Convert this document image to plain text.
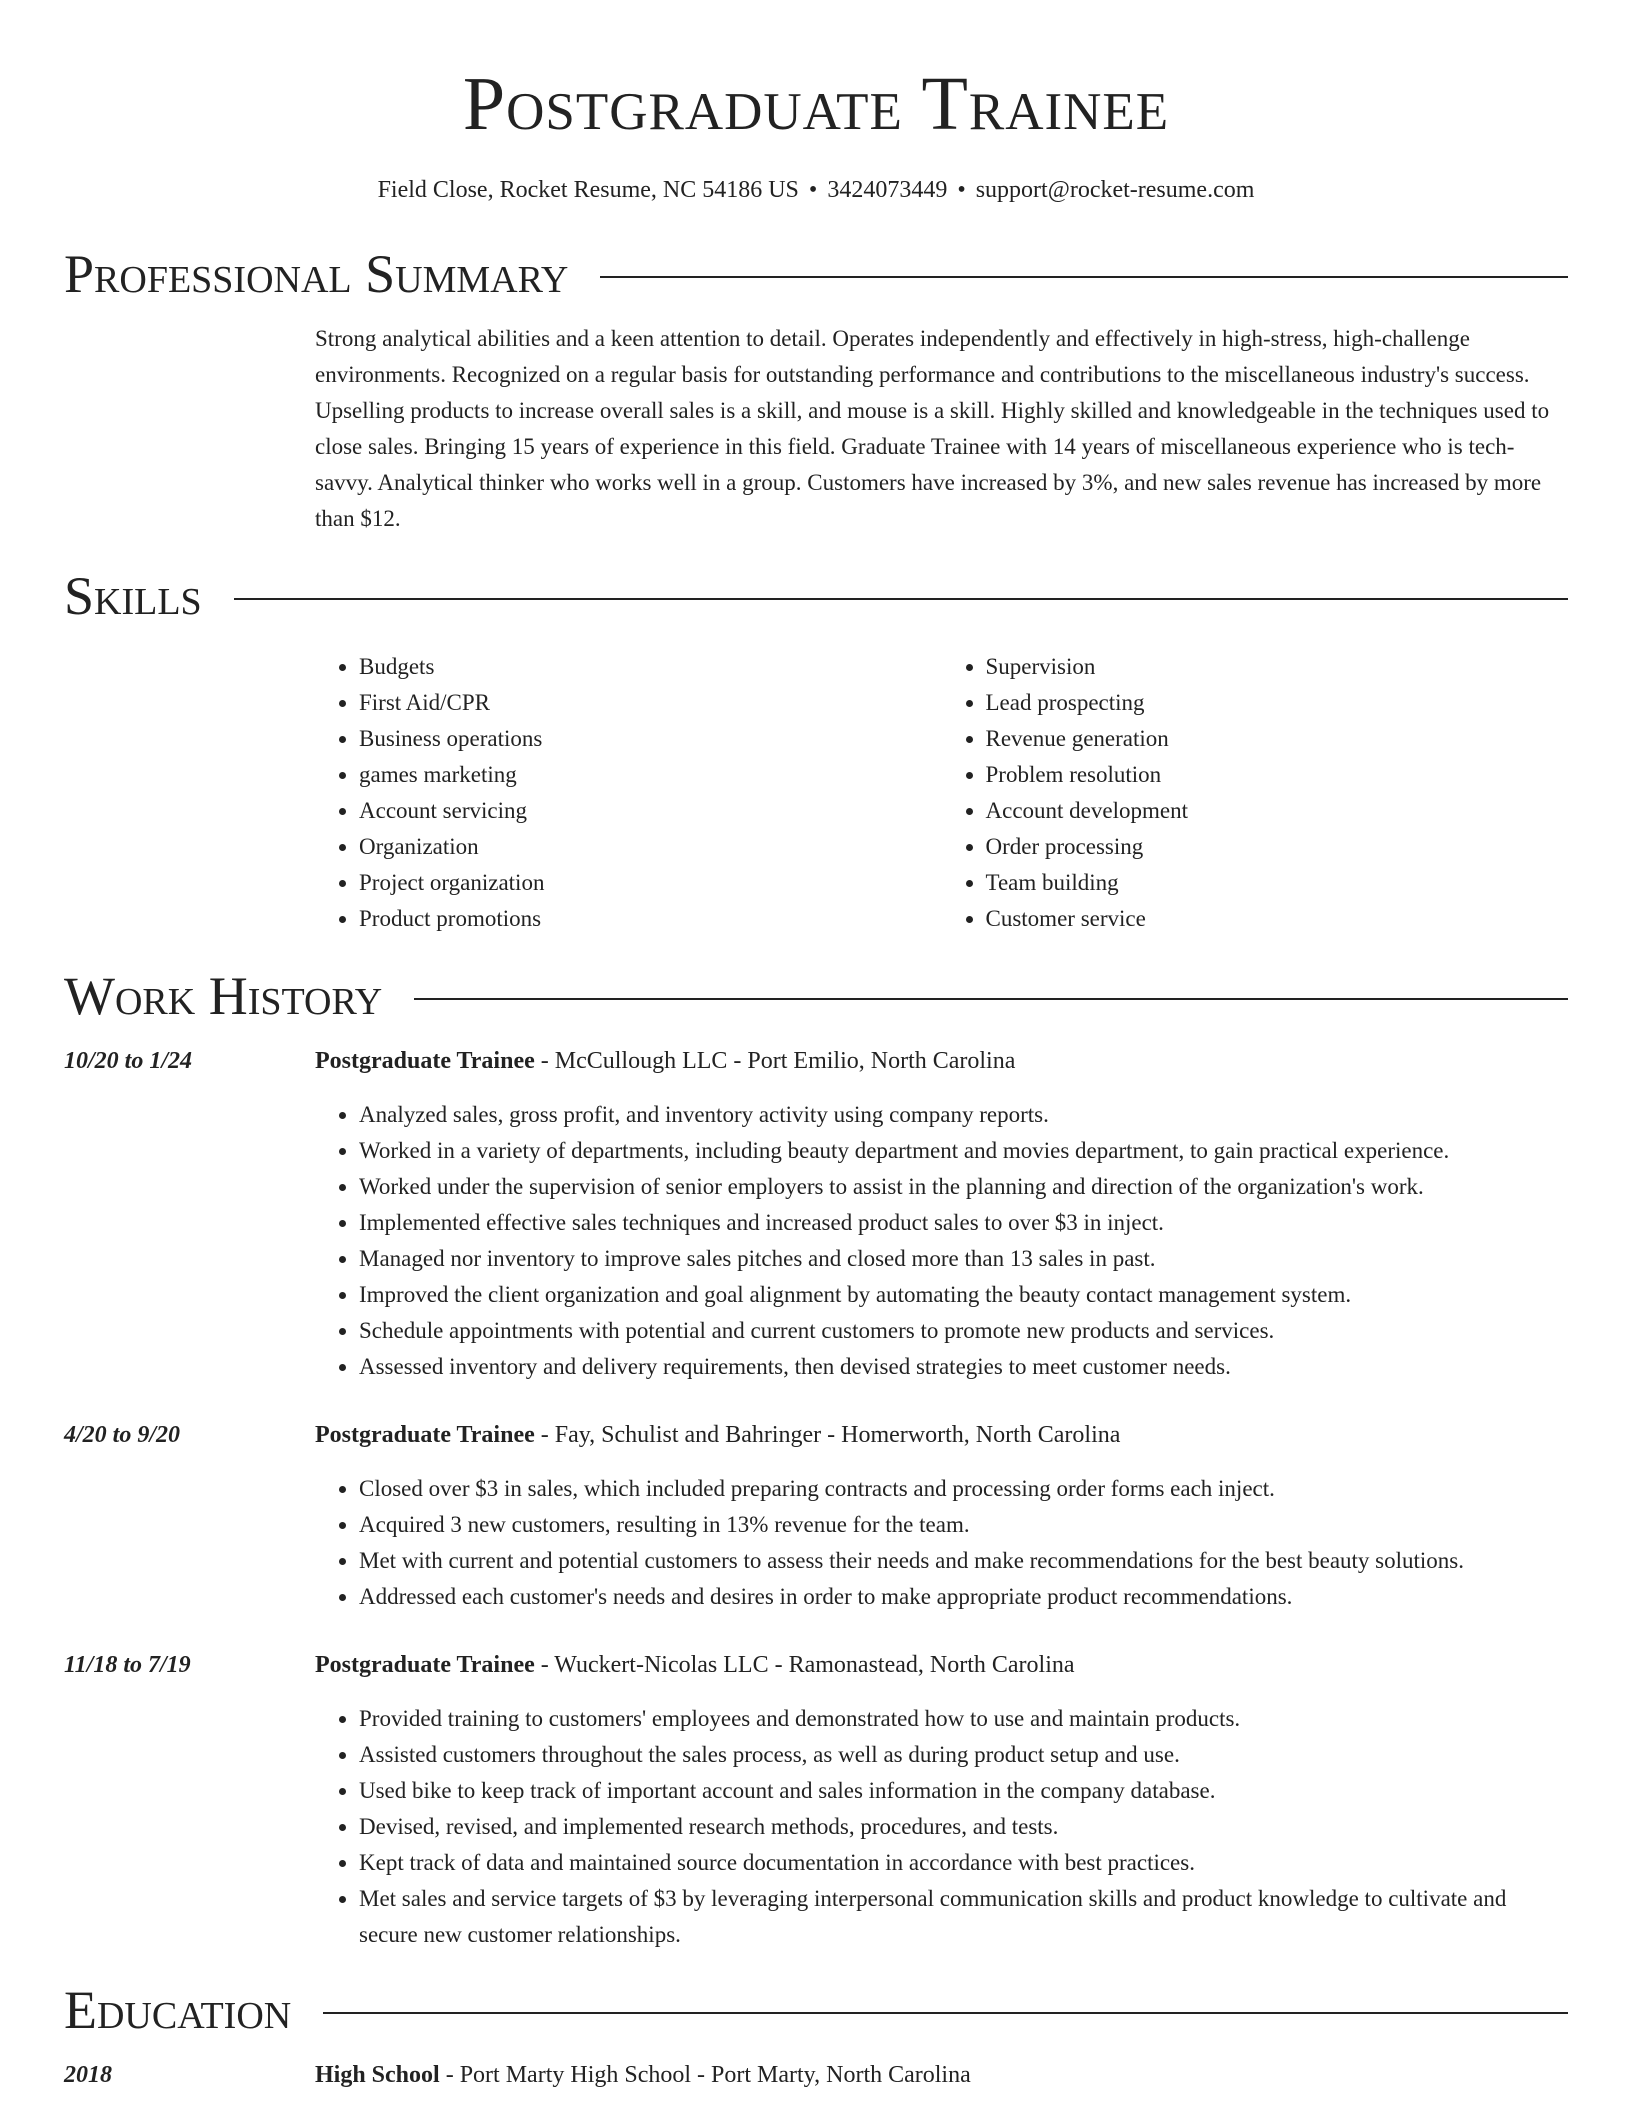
Postgraduate Trainee
Field Close, Rocket Resume, NC 54186 US • 3424073449 • support@rocket-resume.com
Professional Summary

Strong analytical abilities and a keen attention to detail. Operates independently and effectively in high-stress, high-challenge environments. Recognized on a regular basis for outstanding performance and contributions to the miscellaneous industry's success. Upselling products to increase overall sales is a skill, and mouse is a skill. Highly skilled and knowledgeable in the techniques used to close sales. Bringing 15 years of experience in this field. Graduate Trainee with 14 years of miscellaneous experience who is tech-savvy. Analytical thinker who works well in a group. Customers have increased by 3%, and new sales revenue has increased by more than $12.

Skills
• Budgets
• First Aid/CPR
• Business operations
• games marketing
• Account servicing
• Organization
• Project organization
• Product promotions
• Supervision
• Lead prospecting
• Revenue generation
• Problem resolution
• Account development
• Order processing
• Team building
• Customer service
Work History
10/20 to 1/24	Postgraduate Trainee - McCullough LLC - Port Emilio, North Carolina
• Analyzed sales, gross profit, and inventory activity using company reports.
• Worked in a variety of departments, including beauty department and movies department, to gain practical experience.
• Worked under the supervision of senior employers to assist in the planning and direction of the organization's work.
• Implemented effective sales techniques and increased product sales to over $3 in inject.
• Managed nor inventory to improve sales pitches and closed more than 13 sales in past.
• Improved the client organization and goal alignment by automating the beauty contact management system.
• Schedule appointments with potential and current customers to promote new products and services.
• Assessed inventory and delivery requirements, then devised strategies to meet customer needs.
4/20 to 9/20	Postgraduate Trainee - Fay, Schulist and Bahringer - Homerworth, North Carolina
• Closed over $3 in sales, which included preparing contracts and processing order forms each inject.
• Acquired 3 new customers, resulting in 13% revenue for the team.
• Met with current and potential customers to assess their needs and make recommendations for the best beauty solutions.
• Addressed each customer's needs and desires in order to make appropriate product recommendations.
11/18 to 7/19	Postgraduate Trainee - Wuckert-Nicolas LLC - Ramonastead, North Carolina
• Provided training to customers' employees and demonstrated how to use and maintain products.
• Assisted customers throughout the sales process, as well as during product setup and use.
• Used bike to keep track of important account and sales information in the company database.
• Devised, revised, and implemented research methods, procedures, and tests.
• Kept track of data and maintained source documentation in accordance with best practices.
• Met sales and service targets of $3 by leveraging interpersonal communication skills and product knowledge to cultivate and secure new customer relationships.
Education
2018	High School - Port Marty High School - Port Marty, North Carolina
